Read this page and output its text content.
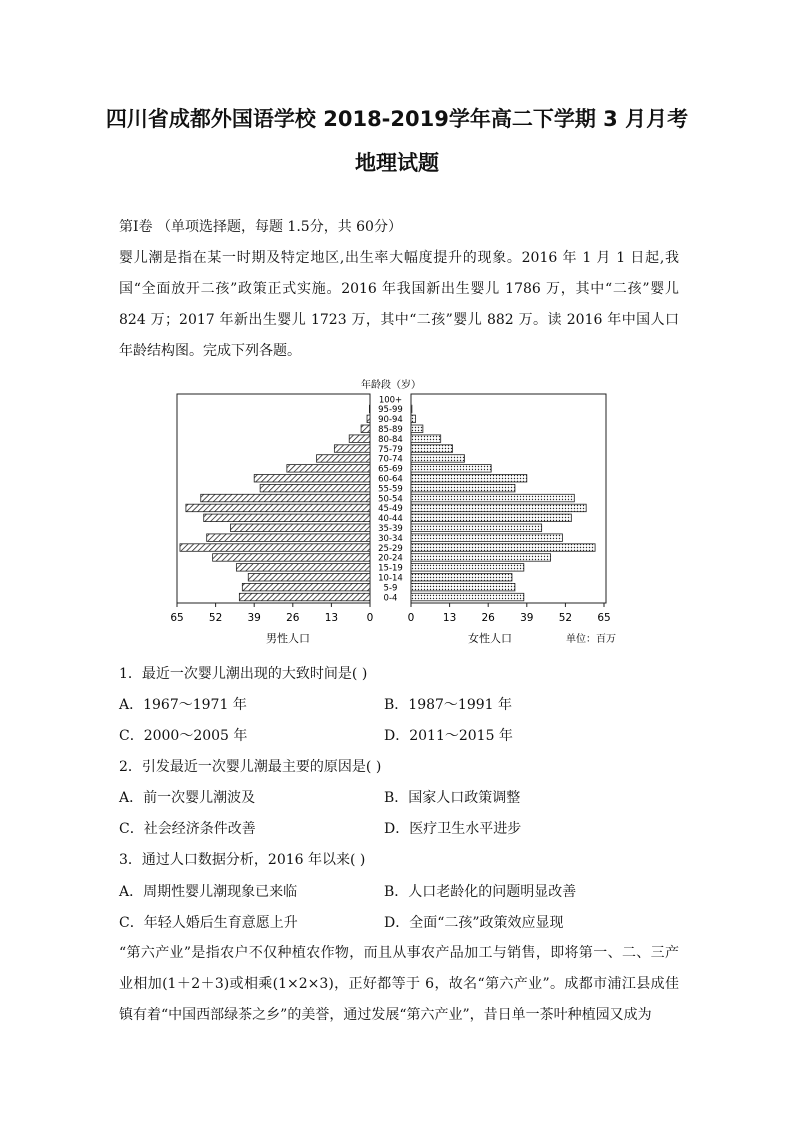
四川省成都外国语学校 2018-2019学年高二下学期 3 月月考
地理试题

第Ⅰ卷 （单项选择题，每题 1.5分，共 60分）

婴儿潮是指在某一时期及特定地区,出生率大幅度提升的现象。2016 年 1 月 1 日起,我国“全面放开二孩”政策正式实施。2016 年我国新出生婴儿 1786 万，其中“二孩”婴儿 824 万；2017 年新出生婴儿 1723 万，其中“二孩”婴儿 882 万。读 2016 年中国人口年龄结构图。完成下列各题。

年龄段（岁）
0-4
5-9
10-14
15-19
20-24
25-29
30-34
35-39
40-44
45-49
50-54
55-59
60-64
65-69
70-74
75-79
80-84
85-89
90-94
95-99
100+
65 52 39 26 13	0	0	13 26 39 52 65
男性人口	女性人口	单位：百万
1．最近一次婴儿潮出现的大致时间是( )
A．1967～1971 年	B．1987～1991 年
C．2000～2005 年	D．2011～2015 年
2．引发最近一次婴儿潮最主要的原因是( )
A．前一次婴儿潮波及	B．国家人口政策调整
C．社会经济条件改善	D．医疗卫生水平进步
3．通过人口数据分析，2016 年以来( )
A．周期性婴儿潮现象已来临	B．人口老龄化的问题明显改善
C．年轻人婚后生育意愿上升	D．全面“二孩”政策效应显现

“第六产业”是指农户不仅种植农作物，而且从事农产品加工与销售，即将第一、二、三产业相加(1＋2＋3)或相乘(1×2×3)，正好都等于 6，故名“第六产业”。成都市浦江县成佳镇有着“中国西部绿茶之乡”的美誉，通过发展“第六产业”，昔日单一茶叶种植园又成为
